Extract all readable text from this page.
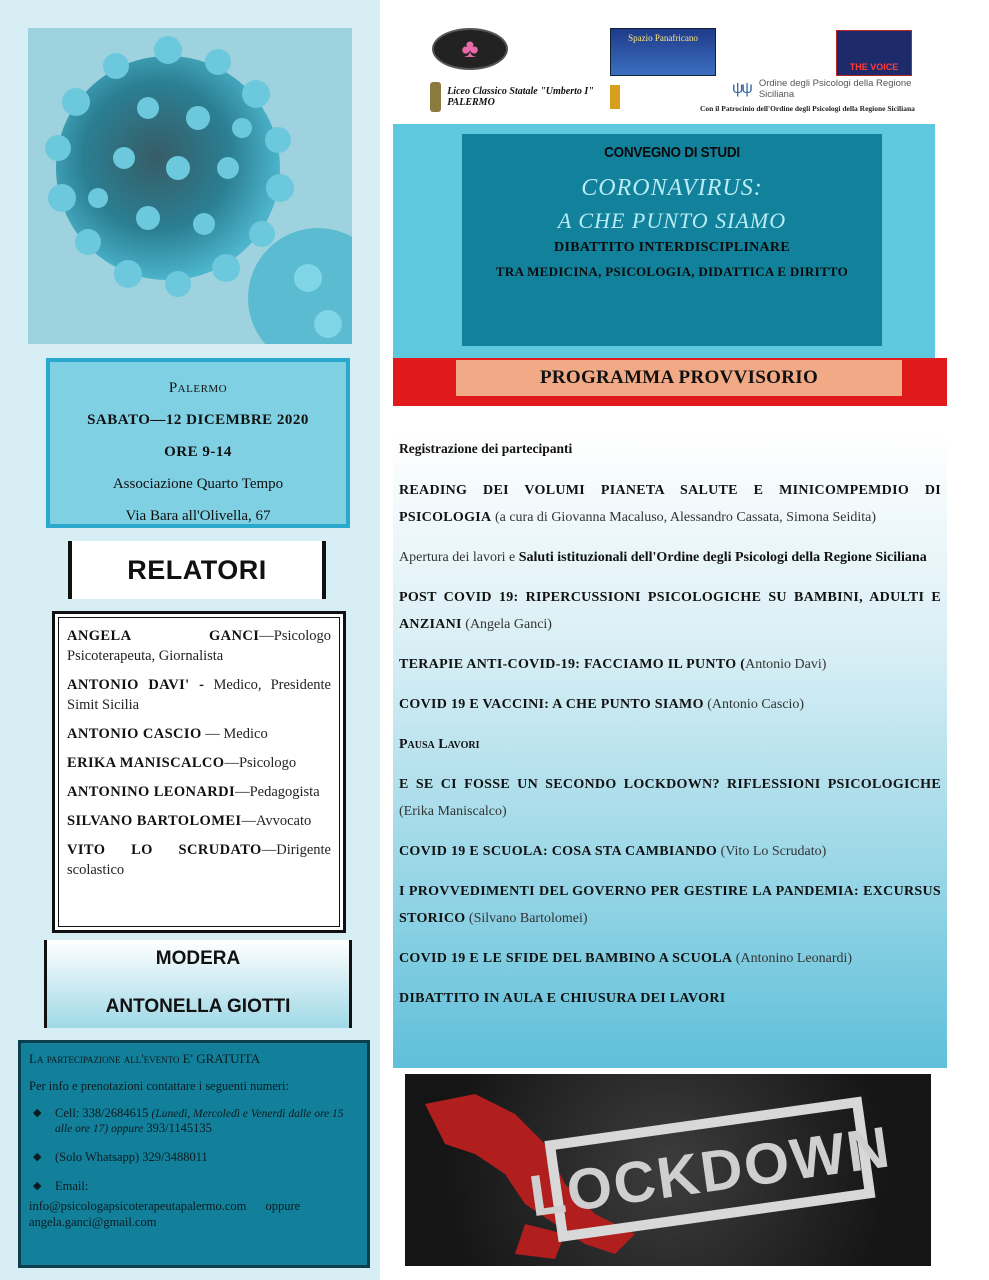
Palermo
SABATO—12 DICEMBRE 2020
ORE 9-14
Associazione Quarto Tempo
Via Bara all'Olivella, 67
RELATORI
ANGELA GANCI—Psicologo Psicoterapeuta, Giornalista
ANTONIO DAVI' - Medico, Presidente Simit Sicilia
ANTONIO CASCIO — Medico
ERIKA MANISCALCO—Psicologo
ANTONINO LEONARDI—Pedagogista
SILVANO BARTOLOMEI—Avvocato
VITO LO SCRUDATO—Dirigente scolastico
MODERA
ANTONELLA GIOTTI
La partecipazione all'evento E' GRATUITA
Per info e prenotazioni contattare i seguenti numeri:
◆	Cell: 338/2684615 (Lunedì, Mercoledì e Venerdì dalle ore 15 alle ore 17) oppure 393/1145135
◆	(Solo Whatsapp) 329/3488011
◆	Email:
info@psicologapsicoterapeutapalermo.com oppure
angela.ganci@gmail.com
♣	Spazio Panafricano
THE VOICE
Liceo Classico Statale "Umberto I" PALERMO
ψψ Ordine degli Psicologi della Regione Siciliana
Con il Patrocinio dell'Ordine degli Psicologi della Regione Siciliana
CONVEGNO DI STUDI
CORONAVIRUS:
A CHE PUNTO SIAMO
DIBATTITO INTERDISCIPLINARE
TRA MEDICINA, PSICOLOGIA, DIDATTICA E DIRITTO
PROGRAMMA PROVVISORIO
Registrazione dei partecipanti
READING DEI VOLUMI PIANETA SALUTE E MINICOMPEMDIO DI PSICOLOGIA (a cura di Giovanna Macaluso, Alessandro Cassata, Simona Seidita)
Apertura dei lavori e Saluti istituzionali dell'Ordine degli Psicologi della Regione Siciliana
POST COVID 19: RIPERCUSSIONI PSICOLOGICHE SU BAMBINI, ADULTI E ANZIANI (Angela Ganci)
TERAPIE ANTI-COVID-19: FACCIAMO IL PUNTO (Antonio Davi)
COVID 19 E VACCINI: A CHE PUNTO SIAMO (Antonio Cascio)
Pausa Lavori
E SE CI FOSSE UN SECONDO LOCKDOWN? RIFLESSIONI PSICOLOGICHE (Erika Maniscalco)
COVID 19 E SCUOLA: COSA STA CAMBIANDO (Vito Lo Scrudato)
I PROVVEDIMENTI DEL GOVERNO PER GESTIRE LA PANDEMIA: EXCURSUS STORICO (Silvano Bartolomei)
COVID 19 E LE SFIDE DEL BAMBINO A SCUOLA (Antonino Leonardi)
DIBATTITO IN AULA E CHIUSURA DEI LAVORI
LOCKDOWN
